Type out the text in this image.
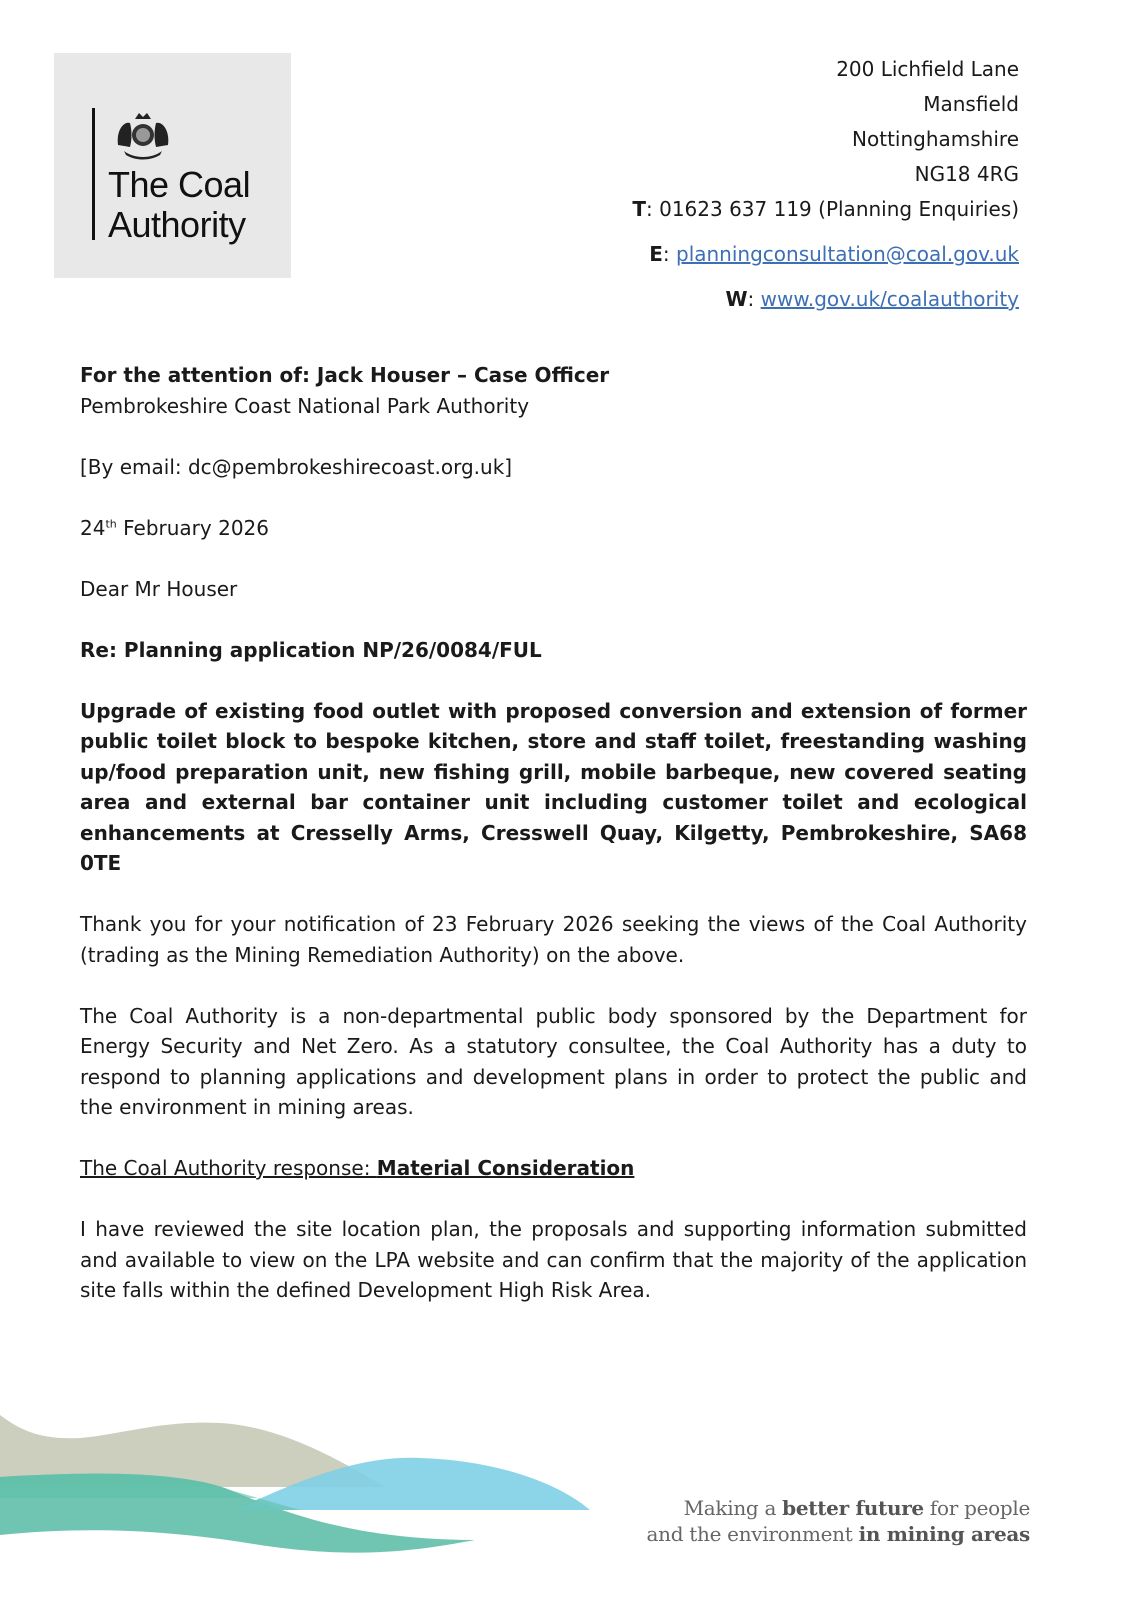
The Coal
Authority
200 Lichfield Lane
Mansfield
Nottinghamshire
NG18 4RG
T: 01623 637 119 (Planning Enquiries)
E: planningconsultation@coal.gov.uk
W: www.gov.uk/coalauthority

For the attention of: Jack Houser – Case Officer
Pembrokeshire Coast National Park Authority

[By email: dc@pembrokeshirecoast.org.uk]

24th February 2026

Dear Mr Houser

Re: Planning application NP/26/0084/FUL

Upgrade of existing food outlet with proposed conversion and extension of former public toilet block to bespoke kitchen, store and staff toilet, freestanding washing up/food preparation unit, new fishing grill, mobile barbeque, new covered seating area and external bar container unit including customer toilet and ecological enhancements at Cresselly Arms, Cresswell Quay, Kilgetty, Pembrokeshire, SA68 0TE

Thank you for your notification of 23 February 2026 seeking the views of the Coal Authority (trading as the Mining Remediation Authority) on the above.

The Coal Authority is a non-departmental public body sponsored by the Department for Energy Security and Net Zero. As a statutory consultee, the Coal Authority has a duty to respond to planning applications and development plans in order to protect the public and the environment in mining areas.

The Coal Authority response: Material Consideration

I have reviewed the site location plan, the proposals and supporting information submitted and available to view on the LPA website and can confirm that the majority of the application site falls within the defined Development High Risk Area.

Making a better future for people
and the environment in mining areas
